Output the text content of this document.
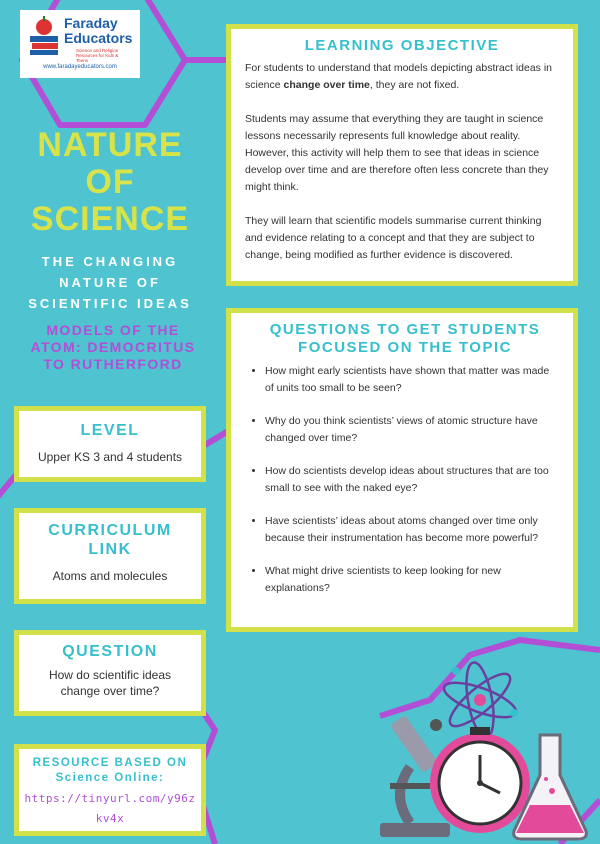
Faraday Educators
Science and Religion Resources for Kids & Teens
www.faradayeducators.com
NATURE
OF
SCIENCE
THE CHANGING
NATURE OF
SCIENTIFIC IDEAS
MODELS OF THE
ATOM: DEMOCRITUS
TO RUTHERFORD
LEVEL
Upper KS 3 and 4 students
CURRICULUM
LINK
Atoms and molecules
QUESTION
How do scientific ideas
change over time?
RESOURCE BASED ON
Science Online:
https://tinyurl.com/y96z
kv4x
LEARNING OBJECTIVE

For students to understand that models depicting abstract ideas in science change over time, they are not fixed.

Students may assume that everything they are taught in science lessons necessarily represents full knowledge about reality. However, this activity will help them to see that ideas in science develop over time and are therefore often less concrete than they might think.

They will learn that scientific models summarise current thinking and evidence relating to a concept and that they are subject to change, being modified as further evidence is discovered.

QUESTIONS TO GET STUDENTS
FOCUSED ON THE TOPIC
• How might early scientists have shown that matter was made of units too small to be seen?
• Why do you think scientists’ views of atomic structure have changed over time?
• How do scientists develop ideas about structures that are too small to see with the naked eye?
• Have scientists’ ideas about atoms changed over time only because their instrumentation has become more powerful?
• What might drive scientists to keep looking for new explanations?
